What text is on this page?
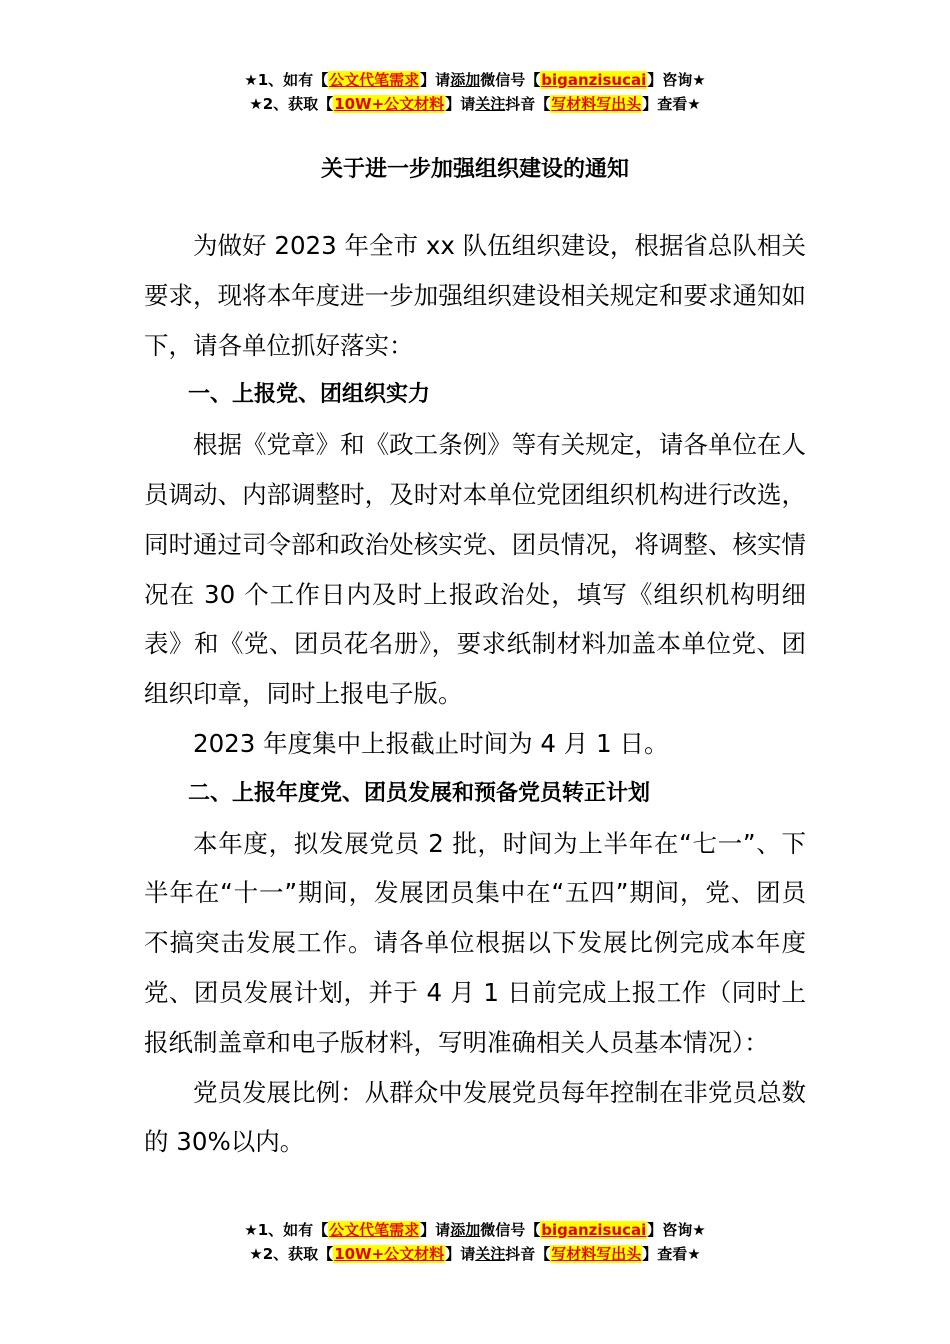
★1、如有【公文代笔需求】请添加微信号【biganzisucai】咨询★
★2、获取【10W+公文材料】请关注抖音【写材料写出头】查看★
关于进一步加强组织建设的通知

为做好 2023 年全市 xx 队伍组织建设，根据省总队相关要求，现将本年度进一步加强组织建设相关规定和要求通知如下，请各单位抓好落实：

一、上报党、团组织实力

根据《党章》和《政工条例》等有关规定，请各单位在人员调动、内部调整时，及时对本单位党团组织机构进行改选，同时通过司令部和政治处核实党、团员情况，将调整、核实情况在 30 个工作日内及时上报政治处，填写《组织机构明细表》和《党、团员花名册》，要求纸制材料加盖本单位党、团组织印章，同时上报电子版。

2023 年度集中上报截止时间为 4 月 1 日。

二、上报年度党、团员发展和预备党员转正计划

本年度，拟发展党员 2 批，时间为上半年在“七一”、下半年在“十一”期间，发展团员集中在“五四”期间，党、团员不搞突击发展工作。请各单位根据以下发展比例完成本年度党、团员发展计划，并于 4 月 1 日前完成上报工作（同时上报纸制盖章和电子版材料，写明准确相关人员基本情况）：

党员发展比例：从群众中发展党员每年控制在非党员总数的 30%以内。

★1、如有【公文代笔需求】请添加微信号【biganzisucai】咨询★
★2、获取【10W+公文材料】请关注抖音【写材料写出头】查看★
